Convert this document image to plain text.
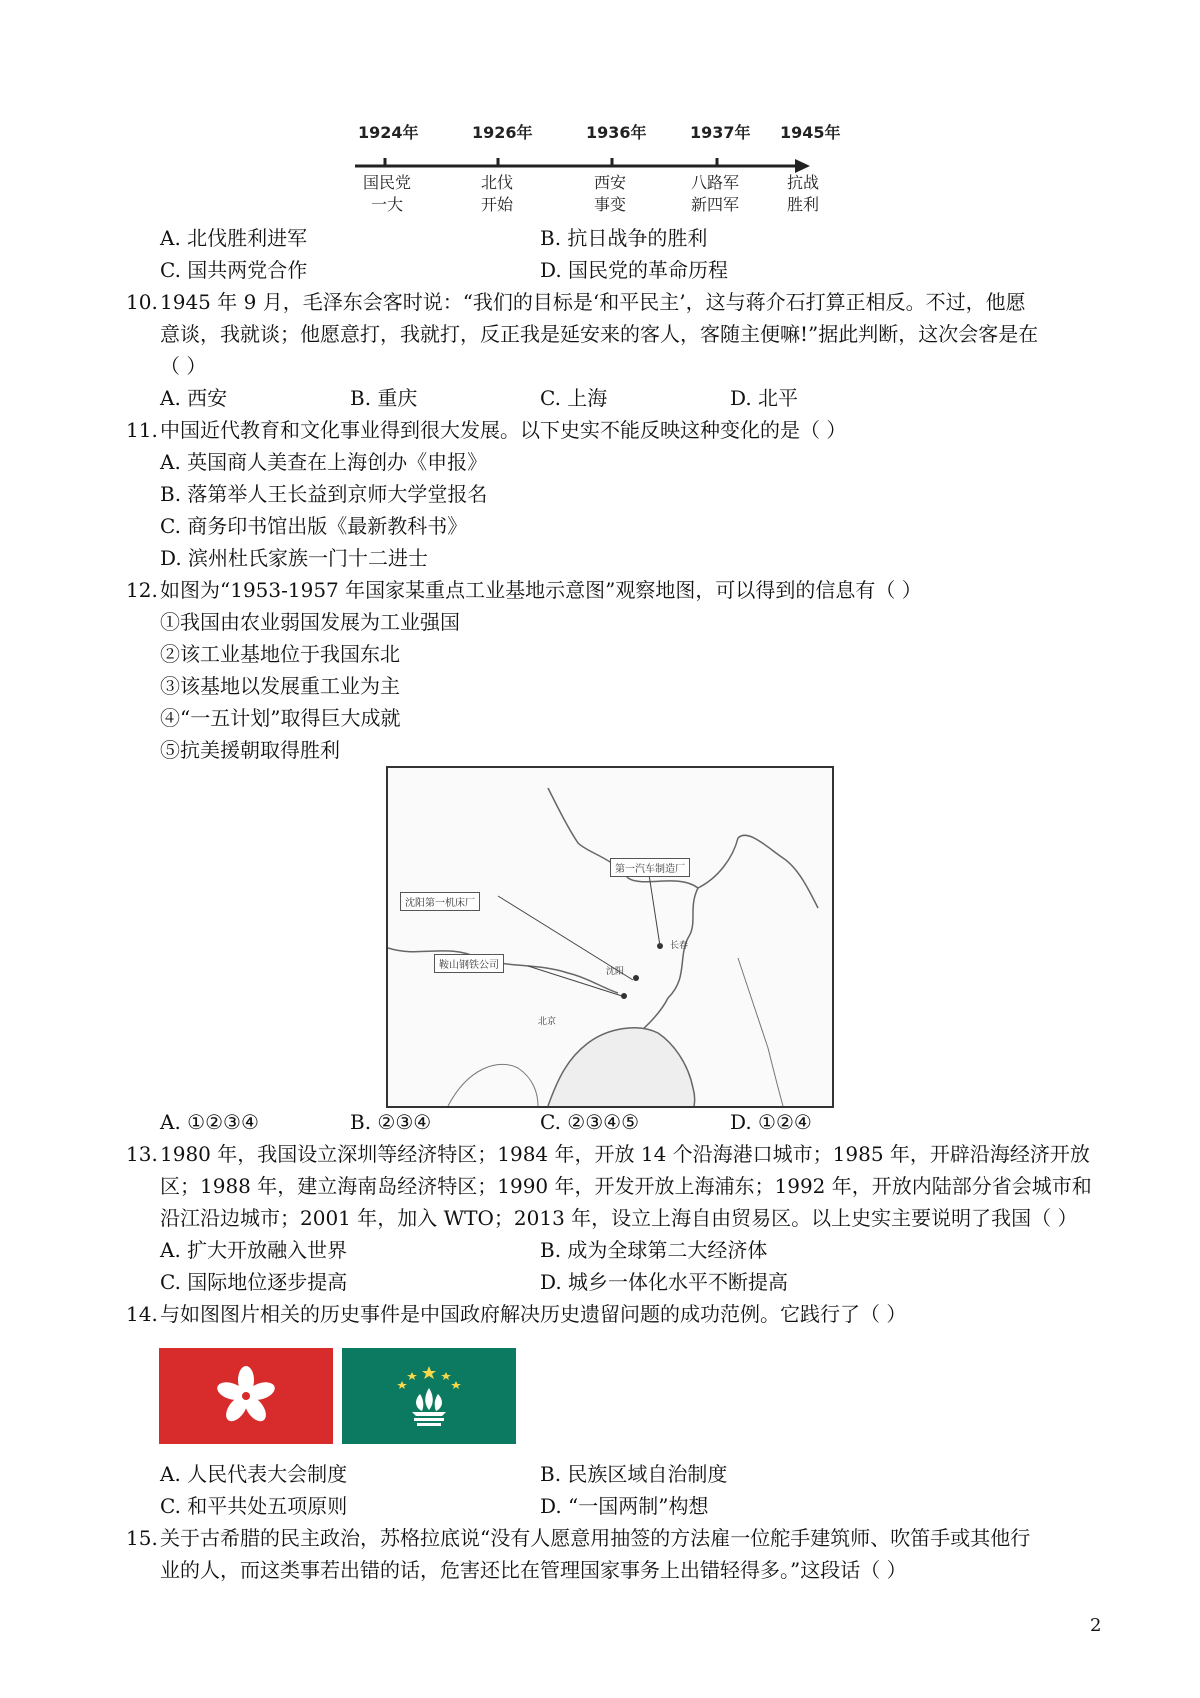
1924年	1926年	1936年	1937年 1945年
国民党
一大
北伐
开始
西安
事变
八路军
新四军
抗战
胜利
A. 北伐胜利进军	B. 抗日战争的胜利
C. 国共两党合作	D. 国民党的革命历程
10. 1945 年 9 月，毛泽东会客时说：“我们的目标是‘和平民主’，这与蒋介石打算正相反。不过，他愿
意谈，我就谈；他愿意打，我就打，反正我是延安来的客人，客随主便嘛!”据此判断，这次会客是在
（ ）
A. 西安	B. 重庆	C. 上海	D. 北平
11. 中国近代教育和文化事业得到很大发展。以下史实不能反映这种变化的是（ ）
A. 英国商人美查在上海创办《申报》
B. 落第举人王长益到京师大学堂报名
C. 商务印书馆出版《最新教科书》
D. 滨州杜氏家族一门十二进士
12. 如图为“1953-1957 年国家某重点工业基地示意图”观察地图，可以得到的信息有（ ）
①我国由农业弱国发展为工业强国
②该工业基地位于我国东北
③该基地以发展重工业为主
④“一五计划”取得巨大成就
⑤抗美援朝取得胜利
第一汽车制造厂
沈阳第一机床厂
鞍山钢铁公司
长春
沈阳
北京
A. ①②③④	B. ②③④	C. ②③④⑤	D. ①②④
13. 1980 年，我国设立深圳等经济特区；1984 年，开放 14 个沿海港口城市；1985 年，开辟沿海经济开放
区；1988 年，建立海南岛经济特区；1990 年，开发开放上海浦东；1992 年，开放内陆部分省会城市和
沿江沿边城市；2001 年，加入 WTO；2013 年，设立上海自由贸易区。以上史实主要说明了我国（ ）
A. 扩大开放融入世界	B. 成为全球第二大经济体
C. 国际地位逐步提高	D. 城乡一体化水平不断提高
14. 与如图图片相关的历史事件是中国政府解决历史遗留问题的成功范例。它践行了（ ）
A. 人民代表大会制度	B. 民族区域自治制度
C. 和平共处五项原则	D. “一国两制”构想
15. 关于古希腊的民主政治，苏格拉底说“没有人愿意用抽签的方法雇一位舵手建筑师、吹笛手或其他行
业的人，而这类事若出错的话，危害还比在管理国家事务上出错轻得多。”这段话（ ）
2
